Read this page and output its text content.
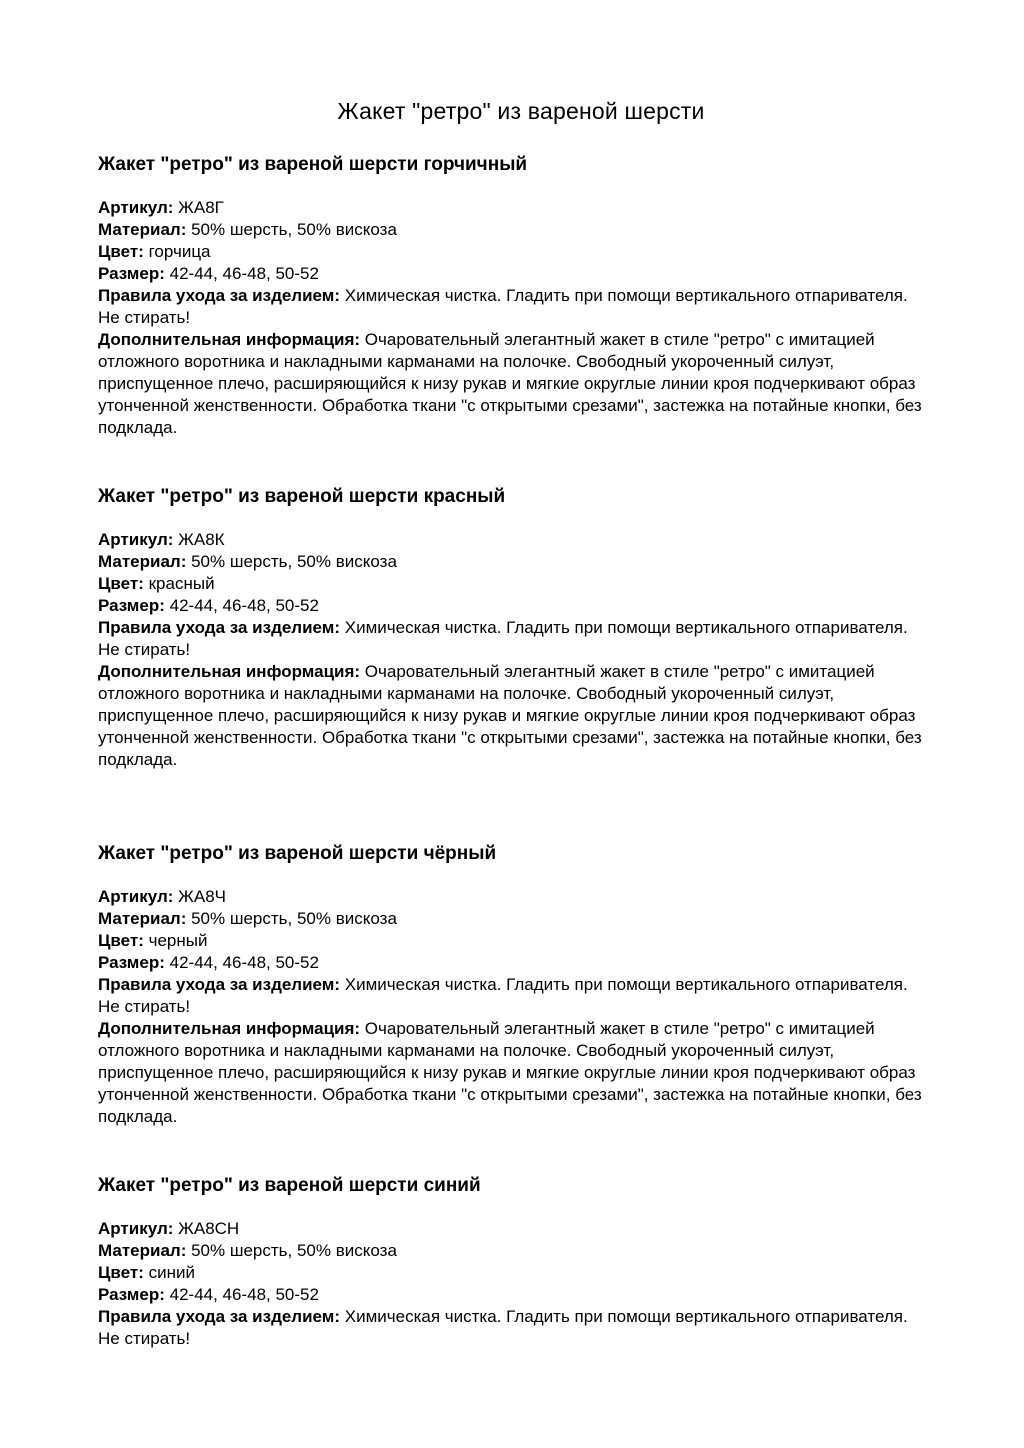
Жакет "ретро" из вареной шерсти
Жакет "ретро" из вареной шерсти горчичный

Артикул: ЖА8Г

Материал: 50% шерсть, 50% вискоза

Цвет: горчица

Размер: 42-44, 46-48, 50-52

Правила ухода за изделием: Химическая чистка. Гладить при помощи вертикального отпаривателя. Не стирать!

Дополнительная информация: Очаровательный элегантный жакет в стиле "ретро" с имитацией отложного воротника и накладными карманами на полочке. Свободный укороченный силуэт, приспущенное плечо, расширяющийся к низу рукав и мягкие округлые линии кроя подчеркивают образ утонченной женственности. Обработка ткани "с открытыми срезами", застежка на потайные кнопки, без подклада.

Жакет "ретро" из вареной шерсти красный

Артикул: ЖА8К

Материал: 50% шерсть, 50% вискоза

Цвет: красный

Размер: 42-44, 46-48, 50-52

Правила ухода за изделием: Химическая чистка. Гладить при помощи вертикального отпаривателя. Не стирать!

Дополнительная информация: Очаровательный элегантный жакет в стиле "ретро" с имитацией отложного воротника и накладными карманами на полочке. Свободный укороченный силуэт, приспущенное плечо, расширяющийся к низу рукав и мягкие округлые линии кроя подчеркивают образ утонченной женственности. Обработка ткани "с открытыми срезами", застежка на потайные кнопки, без подклада.

Жакет "ретро" из вареной шерсти чёрный

Артикул: ЖА8Ч

Материал: 50% шерсть, 50% вискоза

Цвет: черный

Размер: 42-44, 46-48, 50-52

Правила ухода за изделием: Химическая чистка. Гладить при помощи вертикального отпаривателя. Не стирать!

Дополнительная информация: Очаровательный элегантный жакет в стиле "ретро" с имитацией отложного воротника и накладными карманами на полочке. Свободный укороченный силуэт, приспущенное плечо, расширяющийся к низу рукав и мягкие округлые линии кроя подчеркивают образ утонченной женственности. Обработка ткани "с открытыми срезами", застежка на потайные кнопки, без подклада.

Жакет "ретро" из вареной шерсти синий

Артикул: ЖА8СН

Материал: 50% шерсть, 50% вискоза

Цвет: синий

Размер: 42-44, 46-48, 50-52

Правила ухода за изделием: Химическая чистка. Гладить при помощи вертикального отпаривателя. Не стирать!
